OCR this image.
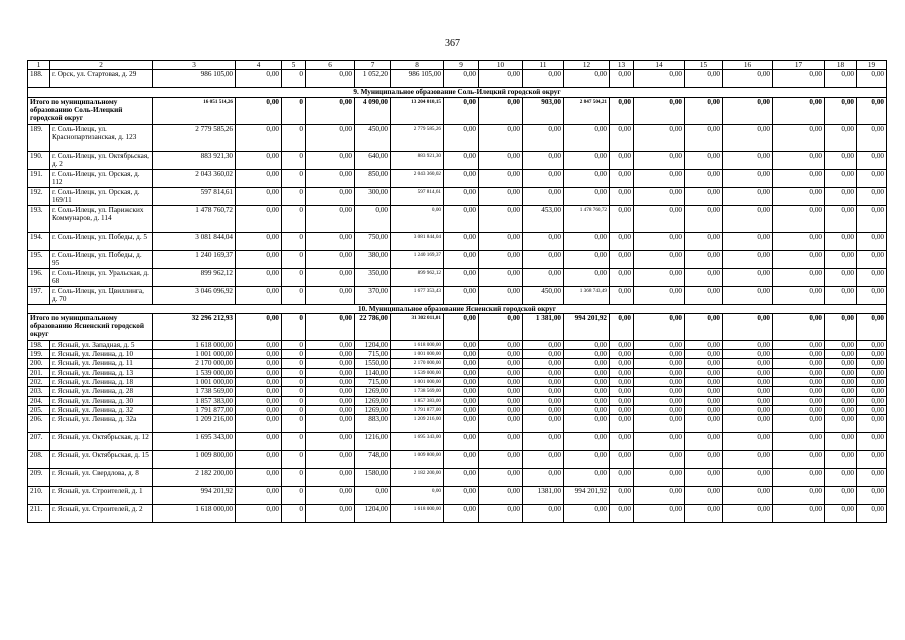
367
1	2	3	4	5	6	7	8	9	10	11	12	13	14	15	16	17	18	19
188.	г. Орск, ул. Стартовая, д. 29	986 105,00	0,00	0	0,00	1 052,20	986 105,00	0,00	0,00	0,00	0,00	0,00	0,00	0,00	0,00	0,00	0,00	0,00
9. Муниципальное образование Соль-Илецкий городской округ																		
Итого по муниципальному образованию Соль-Илецкий городской округ		16 051 514,26	0,00	0	0,00	4 090,00	13 204 010,15	0,00	0,00	903,00	2 847 504,21	0,00	0,00	0,00	0,00	0,00	0,00	0,00
189.	г. Соль-Илецк, ул. Краснопартизанская, д. 123	2 779 585,26	0,00	0	0,00	450,00	2 779 585,26	0,00	0,00	0,00	0,00	0,00	0,00	0,00	0,00	0,00	0,00	0,00
190.	г. Соль-Илецк, ул. Октябрьская, д. 2	883 921,30	0,00	0	0,00	640,00	883 921,30	0,00	0,00	0,00	0,00	0,00	0,00	0,00	0,00	0,00	0,00	0,00
191.	г. Соль-Илецк, ул. Орская, д. 112	2 043 360,02	0,00	0	0,00	850,00	2 043 360,02	0,00	0,00	0,00	0,00	0,00	0,00	0,00	0,00	0,00	0,00	0,00
192.	г. Соль-Илецк, ул. Орская, д. 169/11	597 814,61	0,00	0	0,00	300,00	597 814,61	0,00	0,00	0,00	0,00	0,00	0,00	0,00	0,00	0,00	0,00	0,00
193.	г. Соль-Илецк, ул. Парижских Коммунаров, д. 114	1 478 760,72	0,00	0	0,00	0,00	0,00	0,00	0,00	453,00	1 478 760,72	0,00	0,00	0,00	0,00	0,00	0,00	0,00
194.	г. Соль-Илецк, ул. Победы, д. 5	3 081 844,04	0,00	0	0,00	750,00	3 081 844,04	0,00	0,00	0,00	0,00	0,00	0,00	0,00	0,00	0,00	0,00	0,00
195.	г. Соль-Илецк, ул. Победы, д. 95	1 240 169,37	0,00	0	0,00	380,00	1 240 169,37	0,00	0,00	0,00	0,00	0,00	0,00	0,00	0,00	0,00	0,00	0,00
196.	г. Соль-Илецк, ул. Уральская, д. 68	899 962,12	0,00	0	0,00	350,00	899 962,12	0,00	0,00	0,00	0,00	0,00	0,00	0,00	0,00	0,00	0,00	0,00
197.	г. Соль-Илецк, ул. Цвиллинга, д. 70	3 046 096,92	0,00	0	0,00	370,00	1 677 353,43	0,00	0,00	450,00	1 368 743,49	0,00	0,00	0,00	0,00	0,00	0,00	0,00
10. Муниципальное образование Ясненский городской округ																		
Итого по муниципальному образованию Ясненский городской округ		32 296 212,93	0,00	0	0,00	22 786,00	31 302 011,01	0,00	0,00	1 381,00	994 201,92	0,00	0,00	0,00	0,00	0,00	0,00	0,00
198.	г. Ясный, ул. Западная, д. 5	1 618 000,00	0,00	0	0,00	1204,00	1 618 000,00	0,00	0,00	0,00	0,00	0,00	0,00	0,00	0,00	0,00	0,00	0,00
199.	г. Ясный, ул. Ленина, д. 10	1 001 000,00	0,00	0	0,00	715,00	1 001 000,00	0,00	0,00	0,00	0,00	0,00	0,00	0,00	0,00	0,00	0,00	0,00
200.	г. Ясный, ул. Ленина, д. 11	2 170 000,00	0,00	0	0,00	1550,00	2 170 000,00	0,00	0,00	0,00	0,00	0,00	0,00	0,00	0,00	0,00	0,00	0,00
201.	г. Ясный, ул. Ленина, д. 13	1 539 000,00	0,00	0	0,00	1140,00	1 539 000,00	0,00	0,00	0,00	0,00	0,00	0,00	0,00	0,00	0,00	0,00	0,00
202.	г. Ясный, ул. Ленина, д. 18	1 001 000,00	0,00	0	0,00	715,00	1 001 000,00	0,00	0,00	0,00	0,00	0,00	0,00	0,00	0,00	0,00	0,00	0,00
203.	г. Ясный, ул. Ленина, д. 28	1 738 569,00	0,00	0	0,00	1269,00	1 738 569,00	0,00	0,00	0,00	0,00	0,00	0,00	0,00	0,00	0,00	0,00	0,00
204.	г. Ясный, ул. Ленина, д. 30	1 857 383,00	0,00	0	0,00	1269,00	1 857 383,00	0,00	0,00	0,00	0,00	0,00	0,00	0,00	0,00	0,00	0,00	0,00
205.	г. Ясный, ул. Ленина, д. 32	1 791 877,00	0,00	0	0,00	1269,00	1 791 877,00	0,00	0,00	0,00	0,00	0,00	0,00	0,00	0,00	0,00	0,00	0,00
206.	г. Ясный, ул. Ленина, д. 32а	1 209 216,00	0,00	0	0,00	883,00	1 209 216,00	0,00	0,00	0,00	0,00	0,00	0,00	0,00	0,00	0,00	0,00	0,00
207.	г. Ясный, ул. Октябрьская, д. 12	1 695 343,00	0,00	0	0,00	1216,00	1 695 343,00	0,00	0,00	0,00	0,00	0,00	0,00	0,00	0,00	0,00	0,00	0,00
208.	г. Ясный, ул. Октябрьская, д. 15	1 009 800,00	0,00	0	0,00	748,00	1 009 800,00	0,00	0,00	0,00	0,00	0,00	0,00	0,00	0,00	0,00	0,00	0,00
209.	г. Ясный, ул. Свердлова, д. 8	2 182 200,00	0,00	0	0,00	1580,00	2 182 200,00	0,00	0,00	0,00	0,00	0,00	0,00	0,00	0,00	0,00	0,00	0,00
210.	г. Ясный, ул. Строителей, д. 1	994 201,92	0,00	0	0,00	0,00	0,00	0,00	0,00	1381,00	994 201,92	0,00	0,00	0,00	0,00	0,00	0,00	0,00
211.	г. Ясный, ул. Строителей, д. 2	1 618 000,00	0,00	0	0,00	1204,00	1 618 000,00	0,00	0,00	0,00	0,00	0,00	0,00	0,00	0,00	0,00	0,00	0,00
